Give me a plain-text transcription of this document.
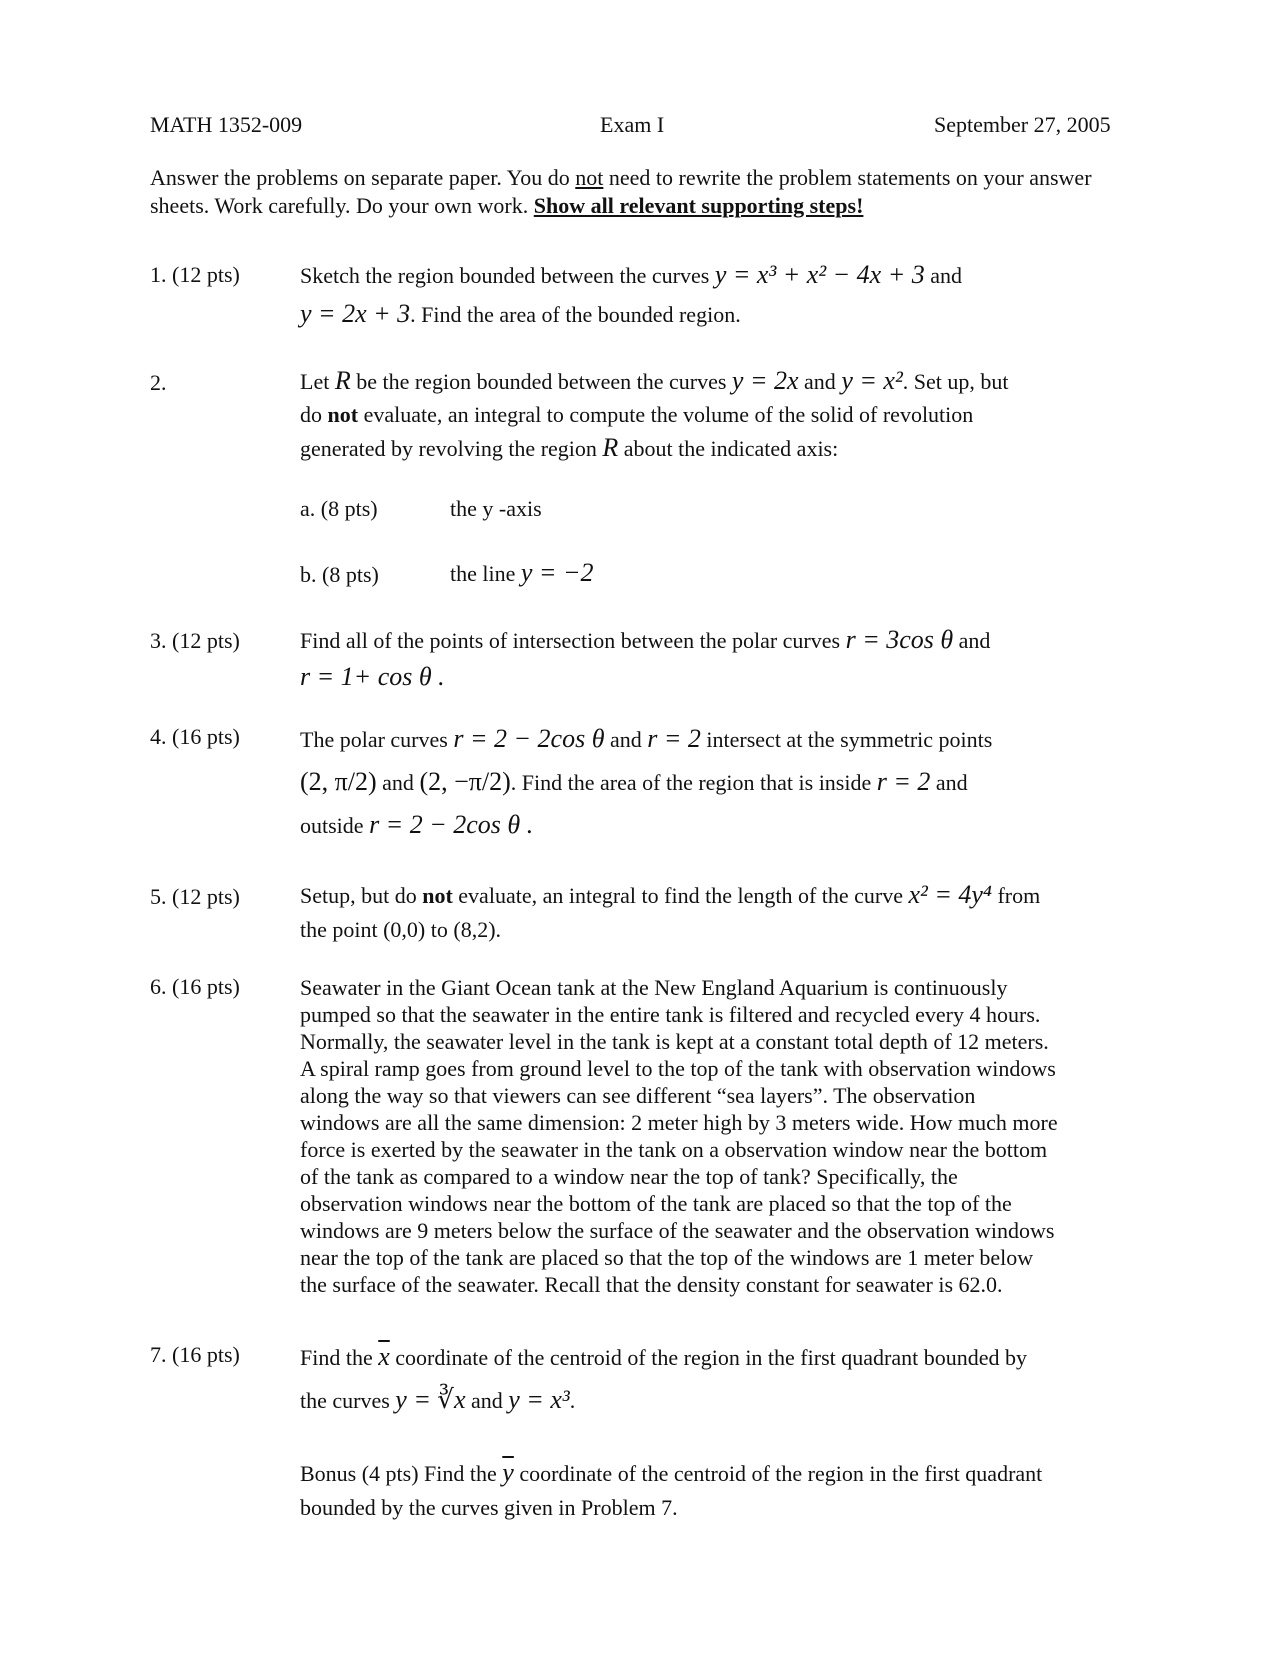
MATH 1352-009	Exam I	September 27, 2005
Answer the problems on separate paper. You do not need to rewrite the problem statements on your answer sheets. Work carefully. Do your own work. Show all relevant supporting steps!
1. (12 pts)	Sketch the region bounded between the curves y = x³ + x² − 4x + 3 and
y = 2x + 3. Find the area of the bounded region.
2.	Let R be the region bounded between the curves y = 2x and y = x². Set up, but
do not evaluate, an integral to compute the volume of the solid of revolution
generated by revolving the region R about the indicated axis:
a. (8 pts)	the y -axis
b. (8 pts)	the line y = −2
3. (12 pts)	Find all of the points of intersection between the polar curves r = 3cos θ and
r = 1+ cos θ .
4. (16 pts)	The polar curves r = 2 − 2cos θ and r = 2 intersect at the symmetric points
(2, π/2) and (2, −π/2). Find the area of the region that is inside r = 2 and
outside r = 2 − 2cos θ .
5. (12 pts)	Setup, but do not evaluate, an integral to find the length of the curve x² = 4y⁴ from
the point (0,0) to (8,2).
6. (16 pts)	Seawater in the Giant Ocean tank at the New England Aquarium is continuously
pumped so that the seawater in the entire tank is filtered and recycled every 4 hours.
Normally, the seawater level in the tank is kept at a constant total depth of 12 meters.
A spiral ramp goes from ground level to the top of the tank with observation windows
along the way so that viewers can see different “sea layers”. The observation
windows are all the same dimension: 2 meter high by 3 meters wide. How much more
force is exerted by the seawater in the tank on a observation window near the bottom
of the tank as compared to a window near the top of tank? Specifically, the
observation windows near the bottom of the tank are placed so that the top of the
windows are 9 meters below the surface of the seawater and the observation windows
near the top of the tank are placed so that the top of the windows are 1 meter below
the surface of the seawater. Recall that the density constant for seawater is 62.0.
7. (16 pts)	Find the $\overline{x}$ coordinate of the centroid of the region in the first quadrant bounded by
the curves y = ∛x and y = x³.
Bonus (4 pts) Find the $\overline{y}$ coordinate of the centroid of the region in the first quadrant
bounded by the curves given in Problem 7.
